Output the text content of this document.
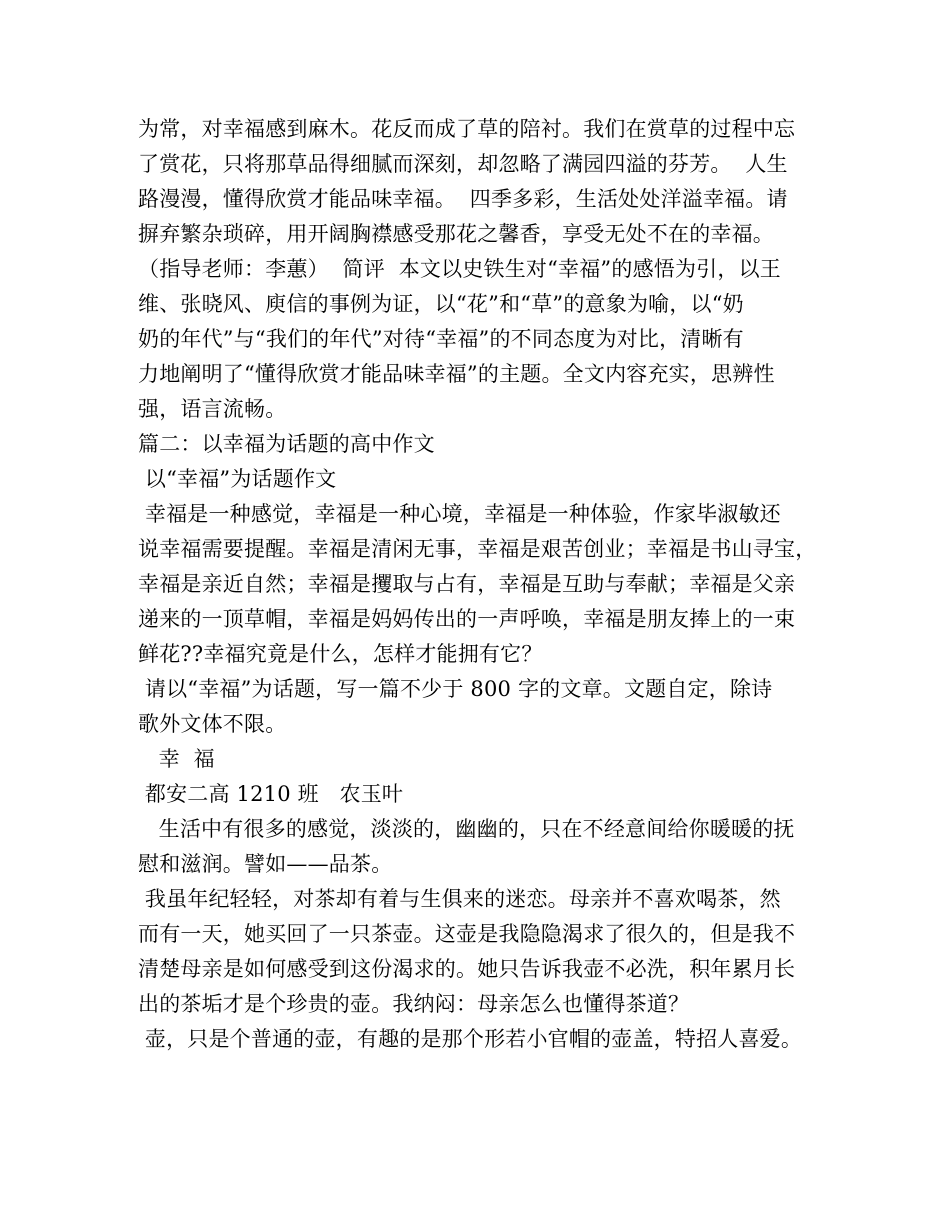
为常，对幸福感到麻木。花反而成了草的陪衬。我们在赏草的过程中忘
了赏花，只将那草品得细腻而深刻，却忽略了满园四溢的芬芳。  人生
路漫漫，懂得欣赏才能品味幸福。  四季多彩，生活处处洋溢幸福。请
摒弃繁杂琐碎，用开阔胸襟感受那花之馨香，享受无处不在的幸福。
（指导老师：李蕙）  简评  本文以史铁生对“幸福”的感悟为引，以王
维、张晓风、庾信的事例为证，以“花”和“草”的意象为喻，以“奶
奶的年代”与“我们的年代”对待“幸福”的不同态度为对比，清晰有
力地阐明了“懂得欣赏才能品味幸福”的主题。全文内容充实，思辨性
强，语言流畅。
篇二：以幸福为话题的高中作文
以“幸福”为话题作文
幸福是一种感觉，幸福是一种心境，幸福是一种体验，作家毕淑敏还
说幸福需要提醒。幸福是清闲无事，幸福是艰苦创业；幸福是书山寻宝，
幸福是亲近自然；幸福是攫取与占有，幸福是互助与奉献；幸福是父亲
递来的一顶草帽，幸福是妈妈传出的一声呼唤，幸福是朋友捧上的一束
鲜花??幸福究竟是什么，怎样才能拥有它？
请以“幸福”为话题，写一篇不少于 800 字的文章。文题自定，除诗
歌外文体不限。
幸  福
都安二高 1210 班   农玉叶
生活中有很多的感觉，淡淡的，幽幽的，只在不经意间给你暖暖的抚
慰和滋润。譬如——品茶。
我虽年纪轻轻，对茶却有着与生俱来的迷恋。母亲并不喜欢喝茶，然
而有一天，她买回了一只茶壶。这壶是我隐隐渴求了很久的，但是我不
清楚母亲是如何感受到这份渴求的。她只告诉我壶不必洗，积年累月长
出的茶垢才是个珍贵的壶。我纳闷：母亲怎么也懂得茶道？
壶，只是个普通的壶，有趣的是那个形若小官帽的壶盖，特招人喜爱。
